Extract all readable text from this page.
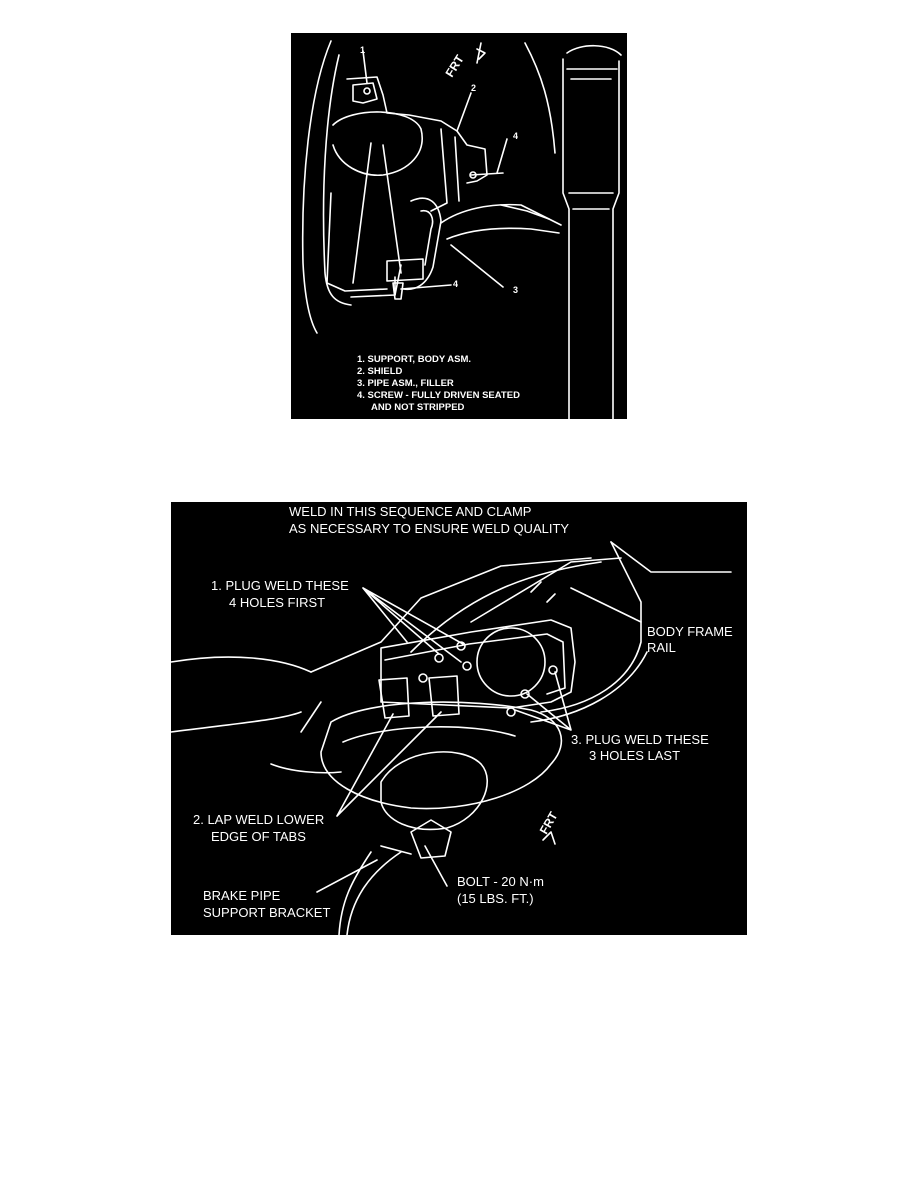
1
2
3
4
4
FRT
1. SUPPORT, BODY ASM.
2. SHIELD
3. PIPE ASM., FILLER
4. SCREW - FULLY DRIVEN SEATED
AND NOT STRIPPED
WELD IN THIS SEQUENCE AND CLAMP
AS NECESSARY TO ENSURE WELD QUALITY
1. PLUG WELD THESE
4 HOLES FIRST
BODY FRAME
RAIL
3. PLUG WELD THESE
3 HOLES LAST
2. LAP WELD LOWER
EDGE OF TABS	FRT
BRAKE PIPE
SUPPORT BRACKET
BOLT - 20 N·m
(15 LBS. FT.)
